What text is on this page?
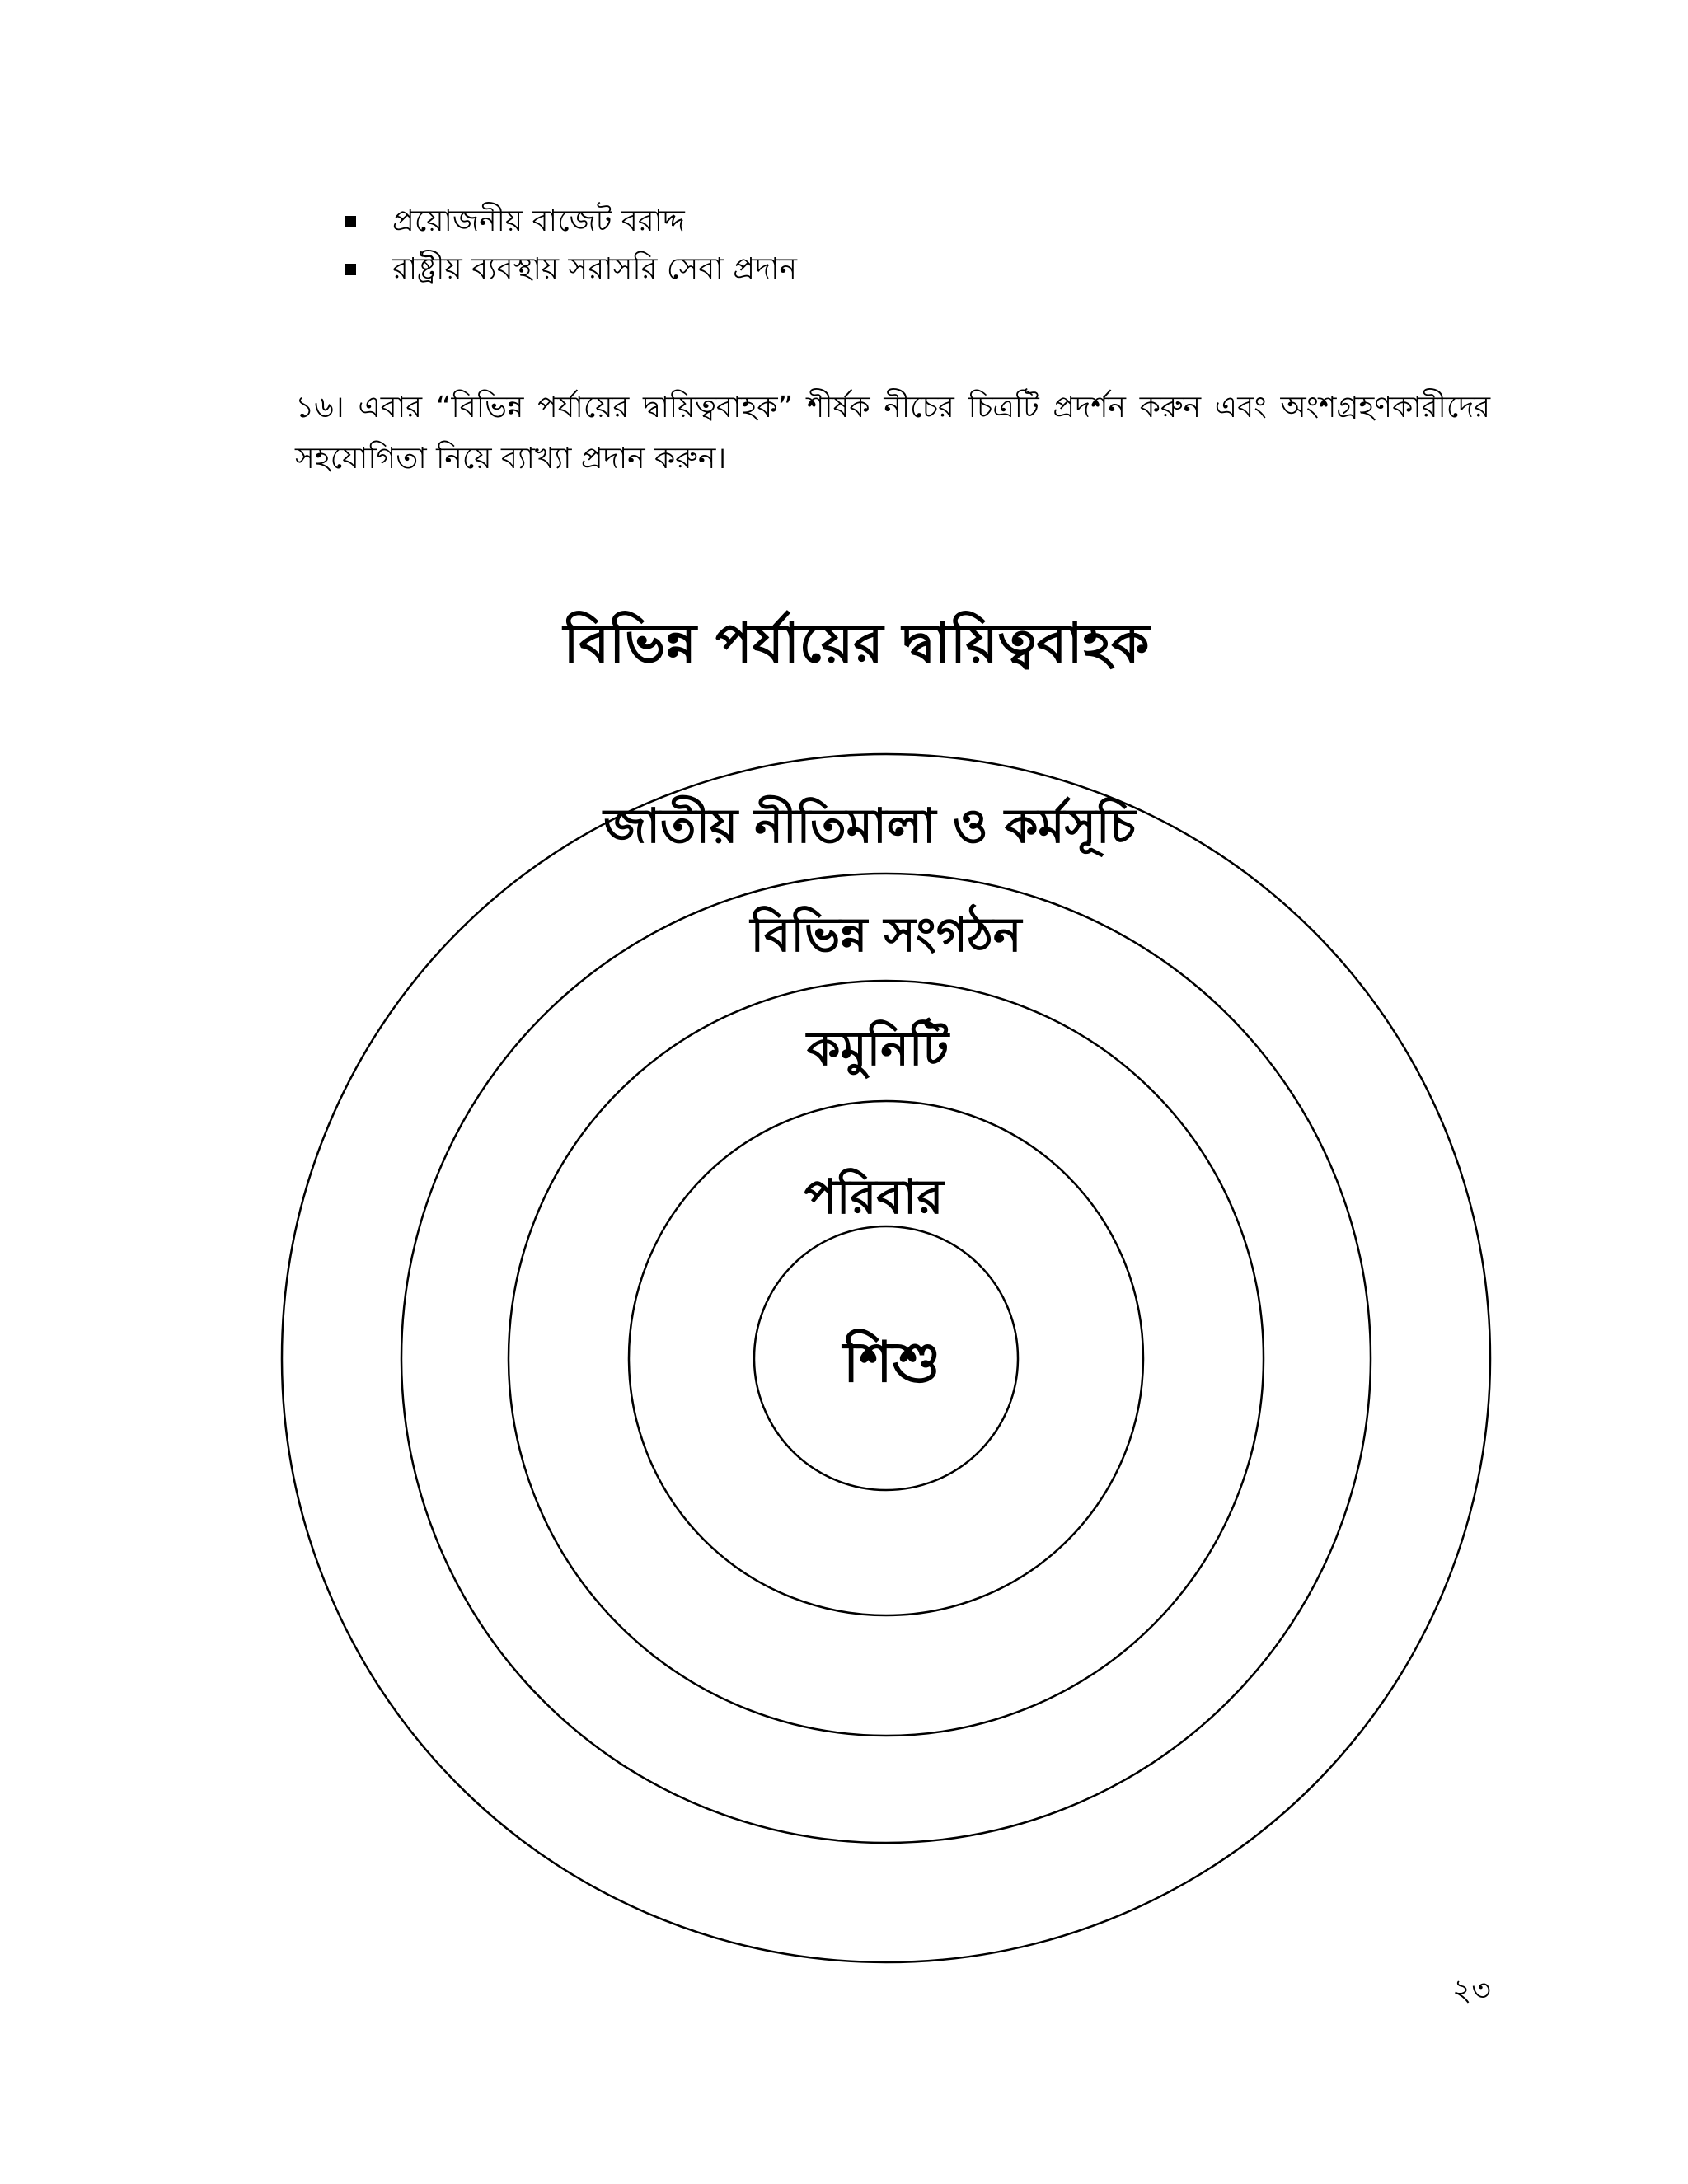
প্রয়োজনীয় বাজেট বরাদ্দ
রাষ্ট্রীয় ব্যবস্থায় সরাসরি সেবা প্রদান

১৬। এবার “বিভিন্ন পর্যায়ের দ্বায়িত্ববাহক” শীর্ষক নীচের চিত্রটি প্রদর্শন করুন এবং অংশগ্রহণকারীদের সহযোগিতা নিয়ে ব্যাখ্যা প্রদান করুন।

বিভিন্ন পর্যায়ের দ্বায়িত্ববাহক
জাতীয় নীতিমালা ও কর্মসূচি
বিভিন্ন সংগঠন
কমুনিটি
পরিবার
শিশু
২৩
